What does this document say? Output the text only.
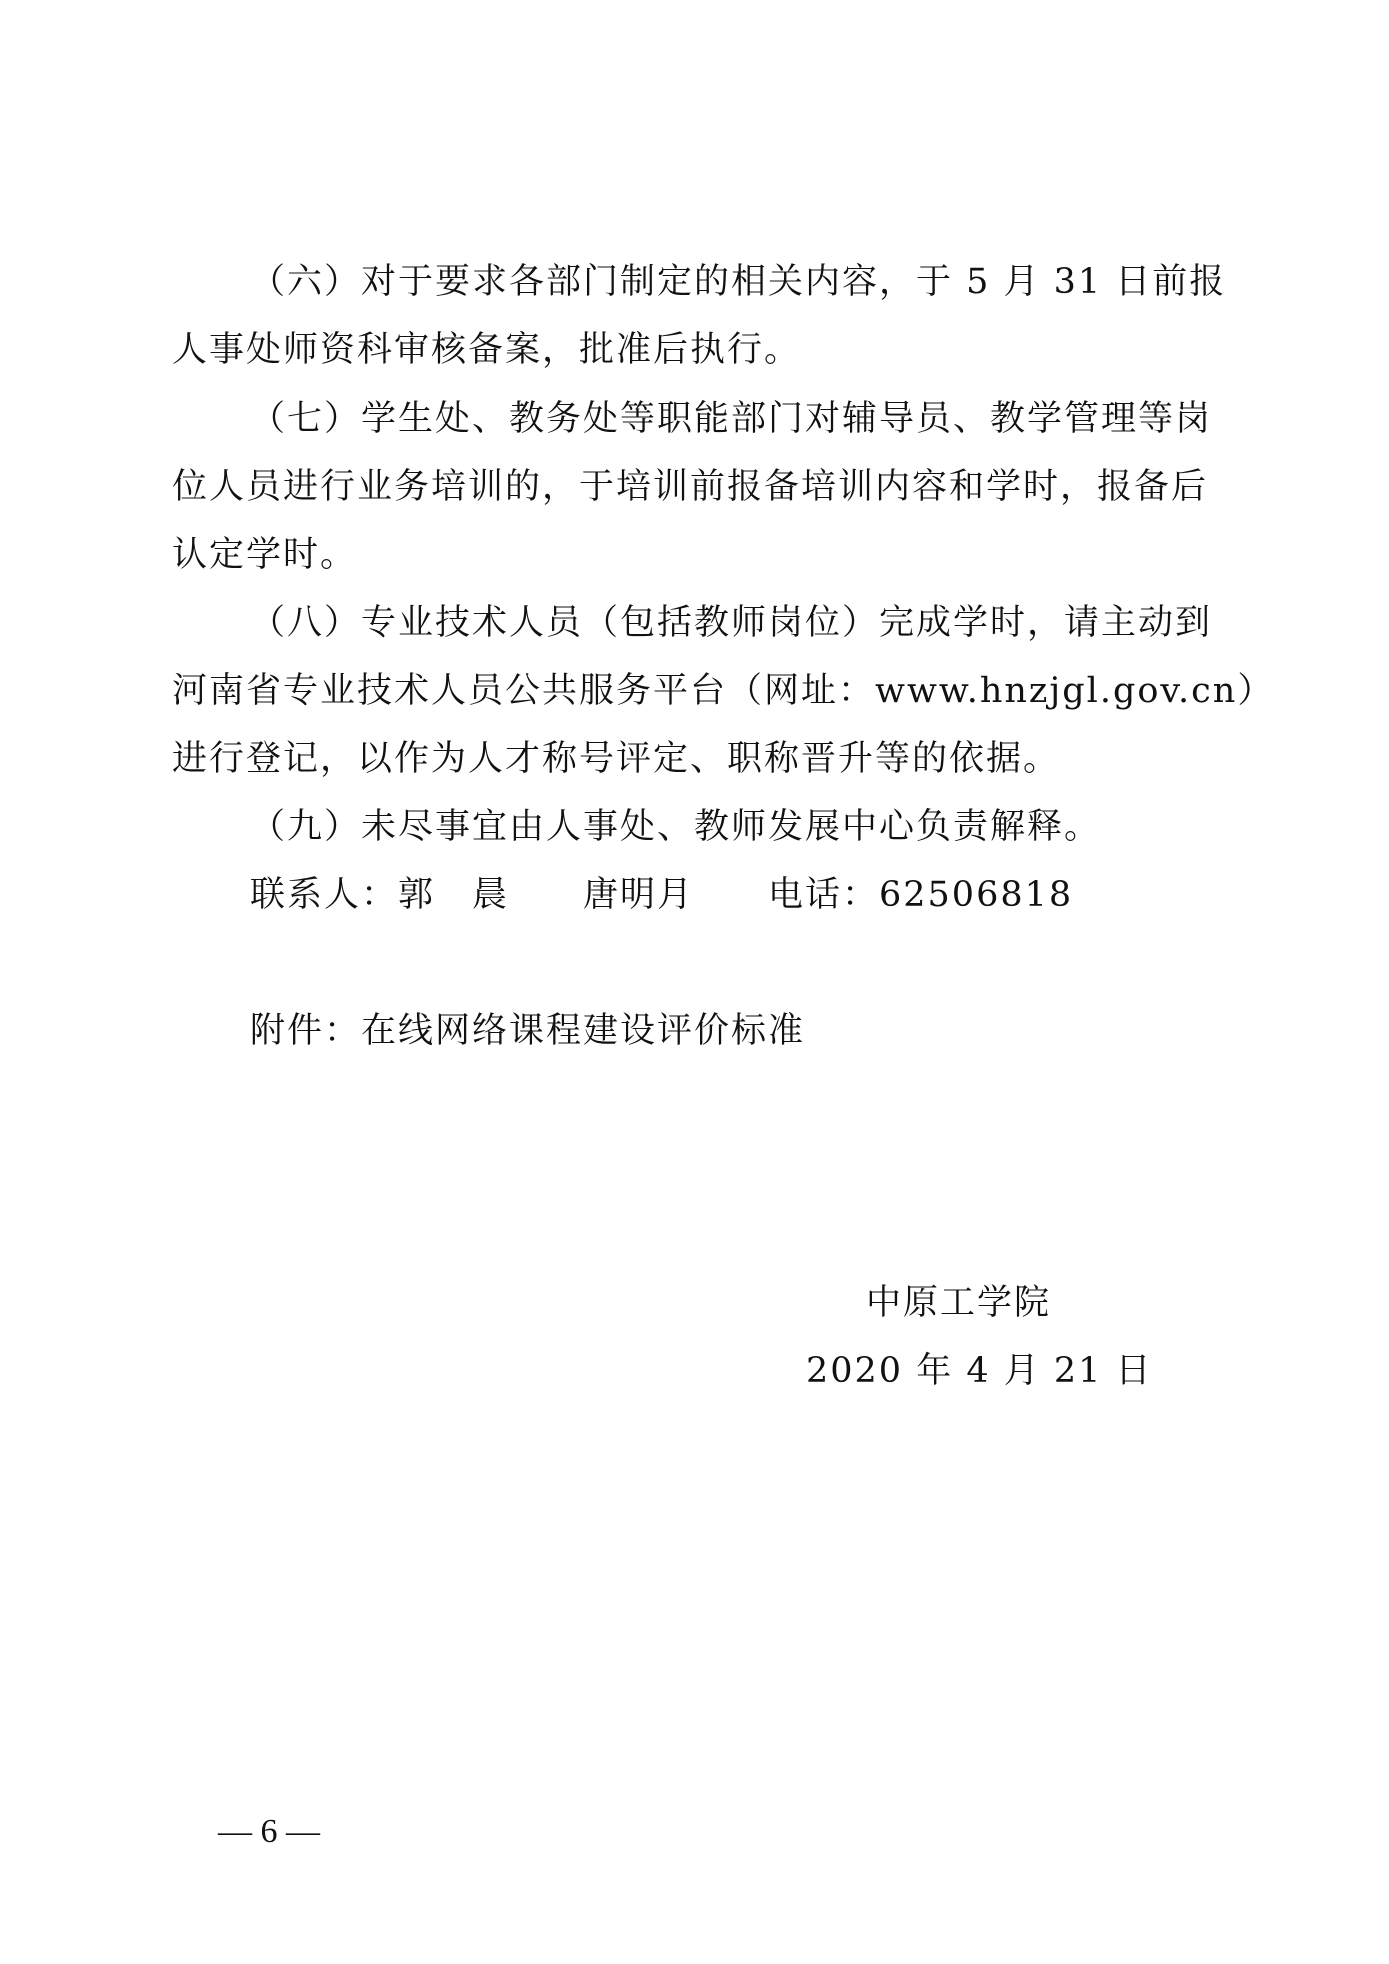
（六）对于要求各部门制定的相关内容，于 5 月 31 日前报
人事处师资科审核备案，批准后执行。
（七）学生处、教务处等职能部门对辅导员、教学管理等岗
位人员进行业务培训的，于培训前报备培训内容和学时，报备后
认定学时。
（八）专业技术人员（包括教师岗位）完成学时，请主动到
河南省专业技术人员公共服务平台（网址：www.hnzjgl.gov.cn）
进行登记，以作为人才称号评定、职称晋升等的依据。
（九）未尽事宜由人事处、教师发展中心负责解释。
联系人：郭　晨　　唐明月　　电话：62506818
附件：在线网络课程建设评价标准
中原工学院
2020 年 4 月 21 日
— 6 —
